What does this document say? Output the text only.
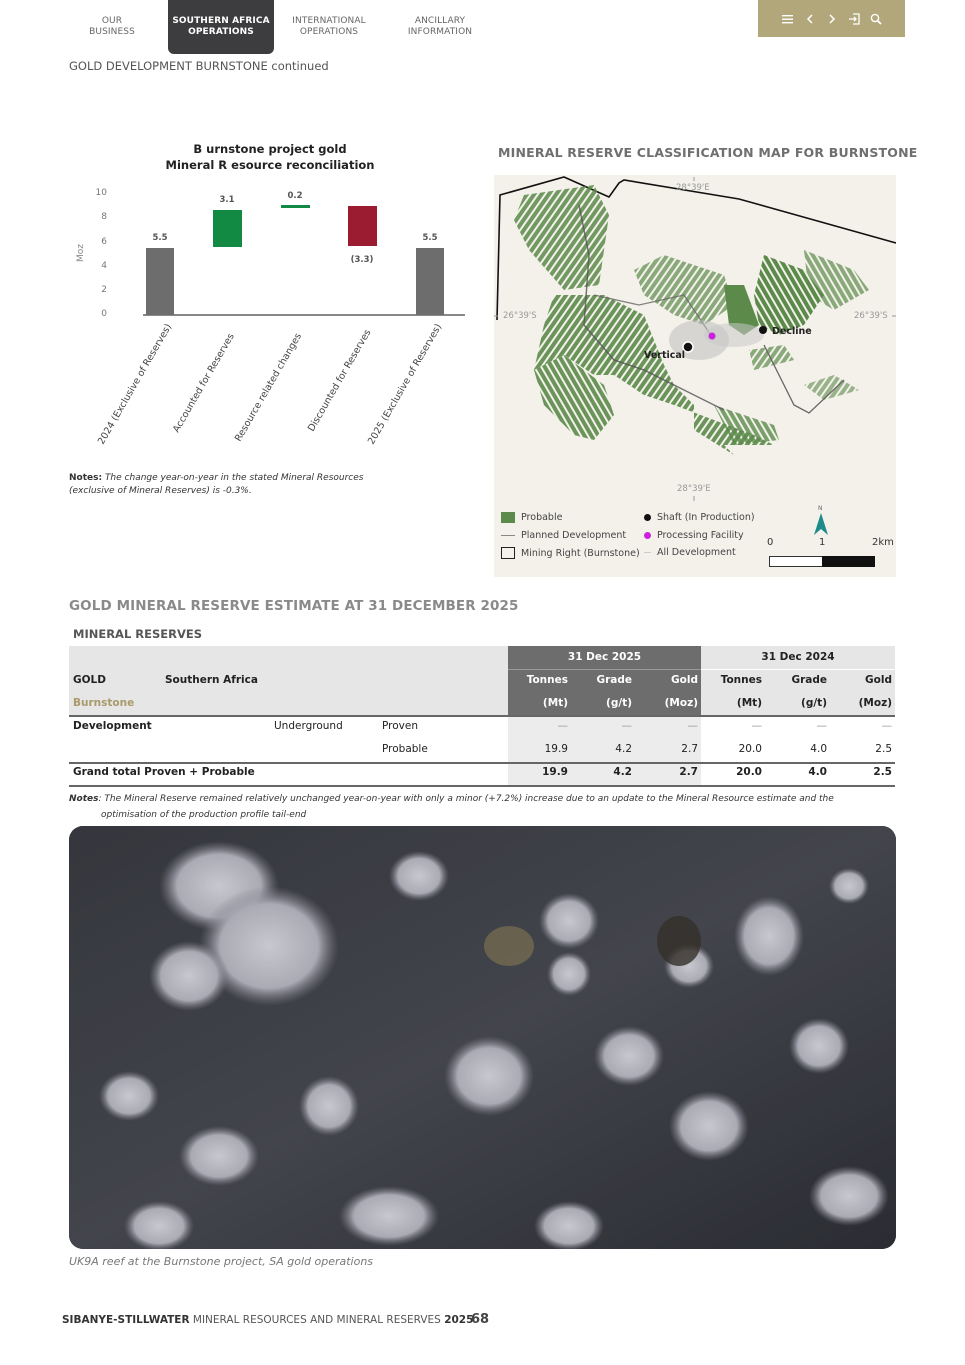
OUR
BUSINESS
SOUTHERN AFRICA
OPERATIONS
INTERNATIONAL
OPERATIONS
ANCILLARY
INFORMATION
GOLD DEVELOPMENT BURNSTONE continued
B urnstone project gold
Mineral R esource reconciliation
10
8
6
4
2
0
Moz
5.5
3.1	0.2
(3.3)
5.5
2024 (Exclusive of Reserves)
Accounted for Reserves
Resource related changes Discounted for Reserves
2025 (Exclusive of Reserves)
Notes: The change year-on-year in the stated Mineral Resources (exclusive of Mineral Reserves) is -0.3%.
MINERAL RESERVE CLASSIFICATION MAP FOR BURNSTONE
28°39'E
28°39'E
26°39'S	26°39'S
Vertical
Decline
Probable
Planned Development
Mining Right (Burnstone)
Shaft (In Production)
Processing Facility
All Development
N
0	1	2km
GOLD MINERAL RESERVE ESTIMATE AT 31 DECEMBER 2025
MINERAL RESERVES
31 Dec 2025	31 Dec 2024
GOLD	Southern Africa
Burnstone
Tonnes	Grade	Gold	Tonnes	Grade	Gold
(Mt)	(g/t)	(Moz)	(Mt)	(g/t)	(Moz)
Development	Underground	Proven	—	—	—	—	—	—
Probable	19.9	4.2	2.7	20.0	4.0	2.5
Grand total Proven + Probable	19.9	4.2	2.7	20.0	4.0	2.5
Notes: The Mineral Reserve remained relatively unchanged year-on-year with only a minor (+7.2%) increase due to an update to the Mineral Resource estimate and the
optimisation of the production profile tail-end
UK9A reef at the Burnstone project, SA gold operations
SIBANYE-STILLWATER MINERAL RESOURCES AND MINERAL RESERVES 2025
68
